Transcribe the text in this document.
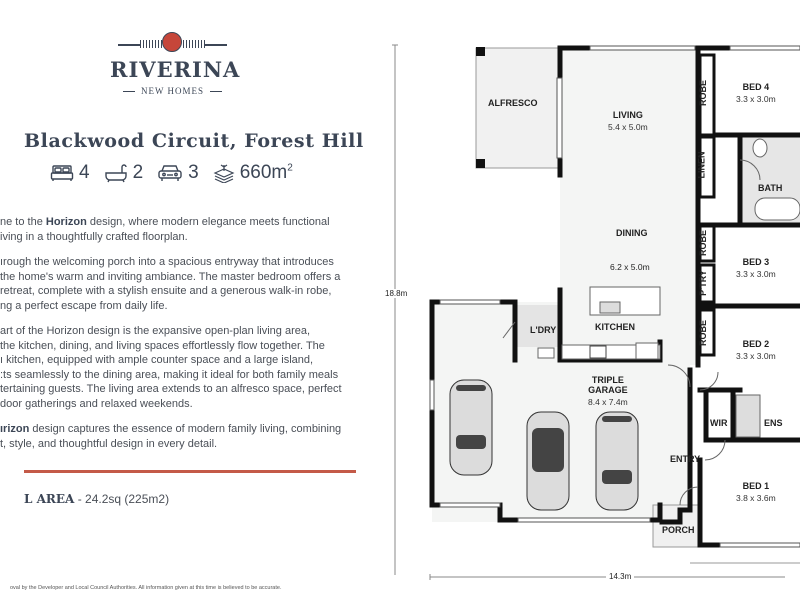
RIVERINA
NEW HOMES
Blackwood Circuit, Forest Hill
4 2 3 $660m^2$

ne to the Horizon design, where modern elegance meets functional
iving in a thoughtfully crafted floorplan.

ırough the welcoming porch into a spacious entryway that introduces
the home's warm and inviting ambiance. The master bedroom offers a
retreat, complete with a stylish ensuite and a generous walk-in robe,
ng a perfect escape from daily life.

art of the Horizon design is the expansive open-plan living area,
the kitchen, dining, and living spaces effortlessly flow together. The
ı kitchen, equipped with ample counter space and a large island,
:ts seamlessly to the dining area, making it ideal for both family meals
tertaining guests. The living area extends to an alfresco space, perfect
door gatherings and relaxed weekends.

ırizon design captures the essence of modern family living, combining
t, style, and thoughtful design in every detail.

L AREA - 24.2sq (225m2)
oval by the Developer and Local Council Authorities. All information given at this time is believed to be accurate.
ALFRESCO
LIVING
5.4 x 5.0m
DINING
6.2 x 5.0m
KITCHEN
L'DRY
TRIPLE
GARAGE
8.4 x 7.4m
BED 4
3.3 x 3.0m
BED 3
3.3 x 3.0m
BED 2
3.3 x 3.0m
BED 1
3.8 x 3.6m
BATH
ENS
WIR
ENTRY
PORCH
ROBE
LINEN
ROBE
P'TRY
ROBE
18.8m
14.3m
